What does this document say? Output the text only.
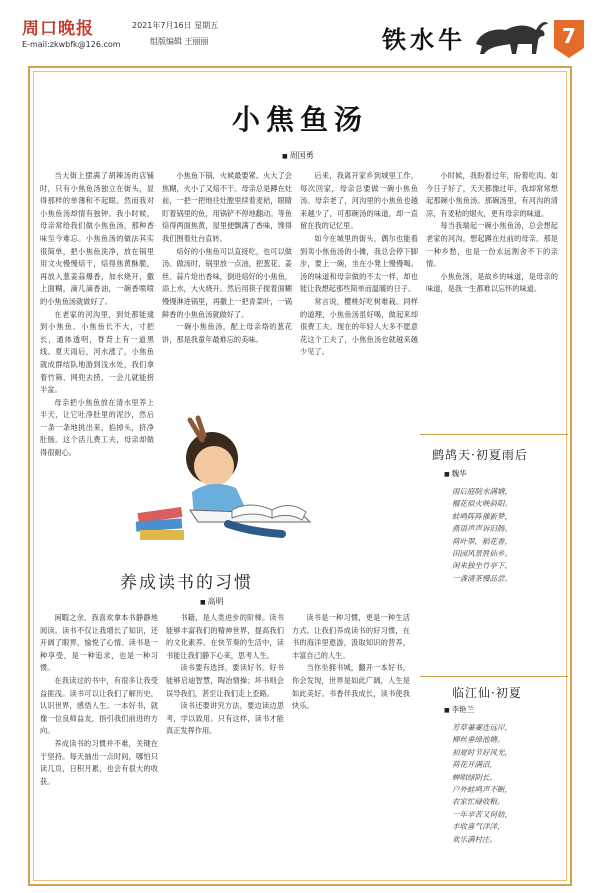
周口晚报
E-mail:zkwbfk@126.com
2021年7月16日 星期五
组版编辑 王丽丽	铁水牛	7
小焦鱼汤
■ 周国勇

当大街上摆满了胡辣汤的店铺时，只有小焦鱼汤独立在街头，显得那样的单薄和不起眼。然而我对小焦鱼汤却情有独钟。我小时候，母亲常给我们做小焦鱼汤，那种香味至今难忘。小焦鱼汤的做法其实很简单，把小焦鱼洗净，放在锅里用文火慢慢焙干，焙得焦黄酥脆，再放入葱姜蒜爆香，加水烧开，撒上面糊，滴几滴香油，一碗香喷喷的小焦鱼汤就做好了。

在老家的河沟里，到处都能逮到小焦鱼。小焦鱼长不大，寸把长，通体透明，脊背上有一道黑线。夏天雨后，河水涨了，小焦鱼就成群结队地游到浅水处，我们拿着竹筛、网兜去捞，一会儿就能捞半盆。

母亲把小焦鱼放在清水里养上半天，让它吐净肚里的泥沙，然后一条一条地挑出来，掐掉头，挤净肚肠。这个活儿费工夫，母亲却做得很耐心。

小焦鱼下锅，火候最要紧。火大了会焦糊，火小了又焙不干。母亲总是蹲在灶前，一把一把地往灶膛里续着麦秸，眼睛盯着锅里的鱼，用锅铲不停地翻动。等鱼焙得两面焦黄，屋里便飘满了香味，馋得我们围着灶台直转。

焙好的小焦鱼可以直接吃，也可以做汤。做汤时，锅里放一点油，把葱花、姜丝、蒜片炝出香味，倒进焙好的小焦鱼，添上水，大火烧开。然后用筷子搅着面糊慢慢淋进锅里，再撒上一把青菜叶，一锅鲜香的小焦鱼汤就做好了。

一碗小焦鱼汤，配上母亲烙的葱花饼，那是我童年最难忘的美味。

后来，我离开家乡到城里工作，每次回家，母亲总要做一碗小焦鱼汤。母亲老了，河沟里的小焦鱼也越来越少了，可那碗汤的味道，却一直留在我的记忆里。

如今在城里的街头，偶尔也能看到卖小焦鱼汤的小摊，我总会停下脚步，要上一碗，坐在小凳上慢慢喝。汤的味道和母亲做的不太一样，却也能让我想起那些简单而温暖的日子。

常言说，樱桃好吃树难栽。同样的道理，小焦鱼汤虽好喝，做起来却很费工夫。现在的年轻人大多不愿意花这个工夫了，小焦鱼汤也就越来越少见了。

小时候，我盼着过年，盼着吃肉。如今日子好了，天天都像过年，我却常常想起那碗小焦鱼汤。那碗汤里，有河沟的清凉，有麦秸的烟火，更有母亲的味道。

每当我端起一碗小焦鱼汤，总会想起老家的河沟，想起蹲在灶前的母亲。那是一种乡愁，也是一份永远割舍不下的亲情。

小焦鱼汤，是故乡的味道，是母亲的味道，是我一生都难以忘怀的味道。

养成读书的习惯
■ 高明

闲暇之余，我喜欢拿本书静静地阅读。读书不仅让我增长了知识，还开阔了眼界，愉悦了心情。读书是一种享受，是一种追求，也是一种习惯。

在我读过的书中，有很多让我受益匪浅。读书可以让我们了解历史，认识世界，感悟人生。一本好书，就像一位良师益友，指引我们前进的方向。

养成读书的习惯并不难，关键在于坚持。每天抽出一点时间，哪怕只读几页，日积月累，也会有很大的收获。

书籍，是人类进步的阶梯。读书能够丰富我们的精神世界，提高我们的文化素养。在快节奏的生活中，读书能让我们静下心来，思考人生。

读书要有选择，要读好书。好书能够启迪智慧，陶冶情操；坏书则会误导我们，甚至让我们走上歪路。

读书还要讲究方法，要边读边思考，学以致用。只有这样，读书才能真正发挥作用。

读书是一种习惯，更是一种生活方式。让我们养成读书的好习惯，在书的海洋里遨游，汲取知识的营养，丰富自己的人生。

当你坐拥书城，翻开一本好书，你会发现，世界是如此广阔，人生是如此美好。书香伴我成长，读书使我快乐。

鹧鸪天·初夏雨后
■ 魏华
雨后庭院水满塘，
榴花似火映斜阳。
蛙鸣阵阵催新梦，
燕语声声诉旧肠。
荷叶翠，稻花香，
田园风景胜仙乡。
闲来独坐竹亭下，
一盏清茶慢品尝。
临江仙·初夏
■ 李艳兰
芳草萋萋连远岸，
柳丝垂绿池塘。
初夏时节好风光，
荷花开满沼，
蝉唱绿阴长。
户外蛙鸣声不断，
农家忙碌收粮。
一年辛苦又何妨，
丰收喜气洋洋，
欢乐满村庄。
